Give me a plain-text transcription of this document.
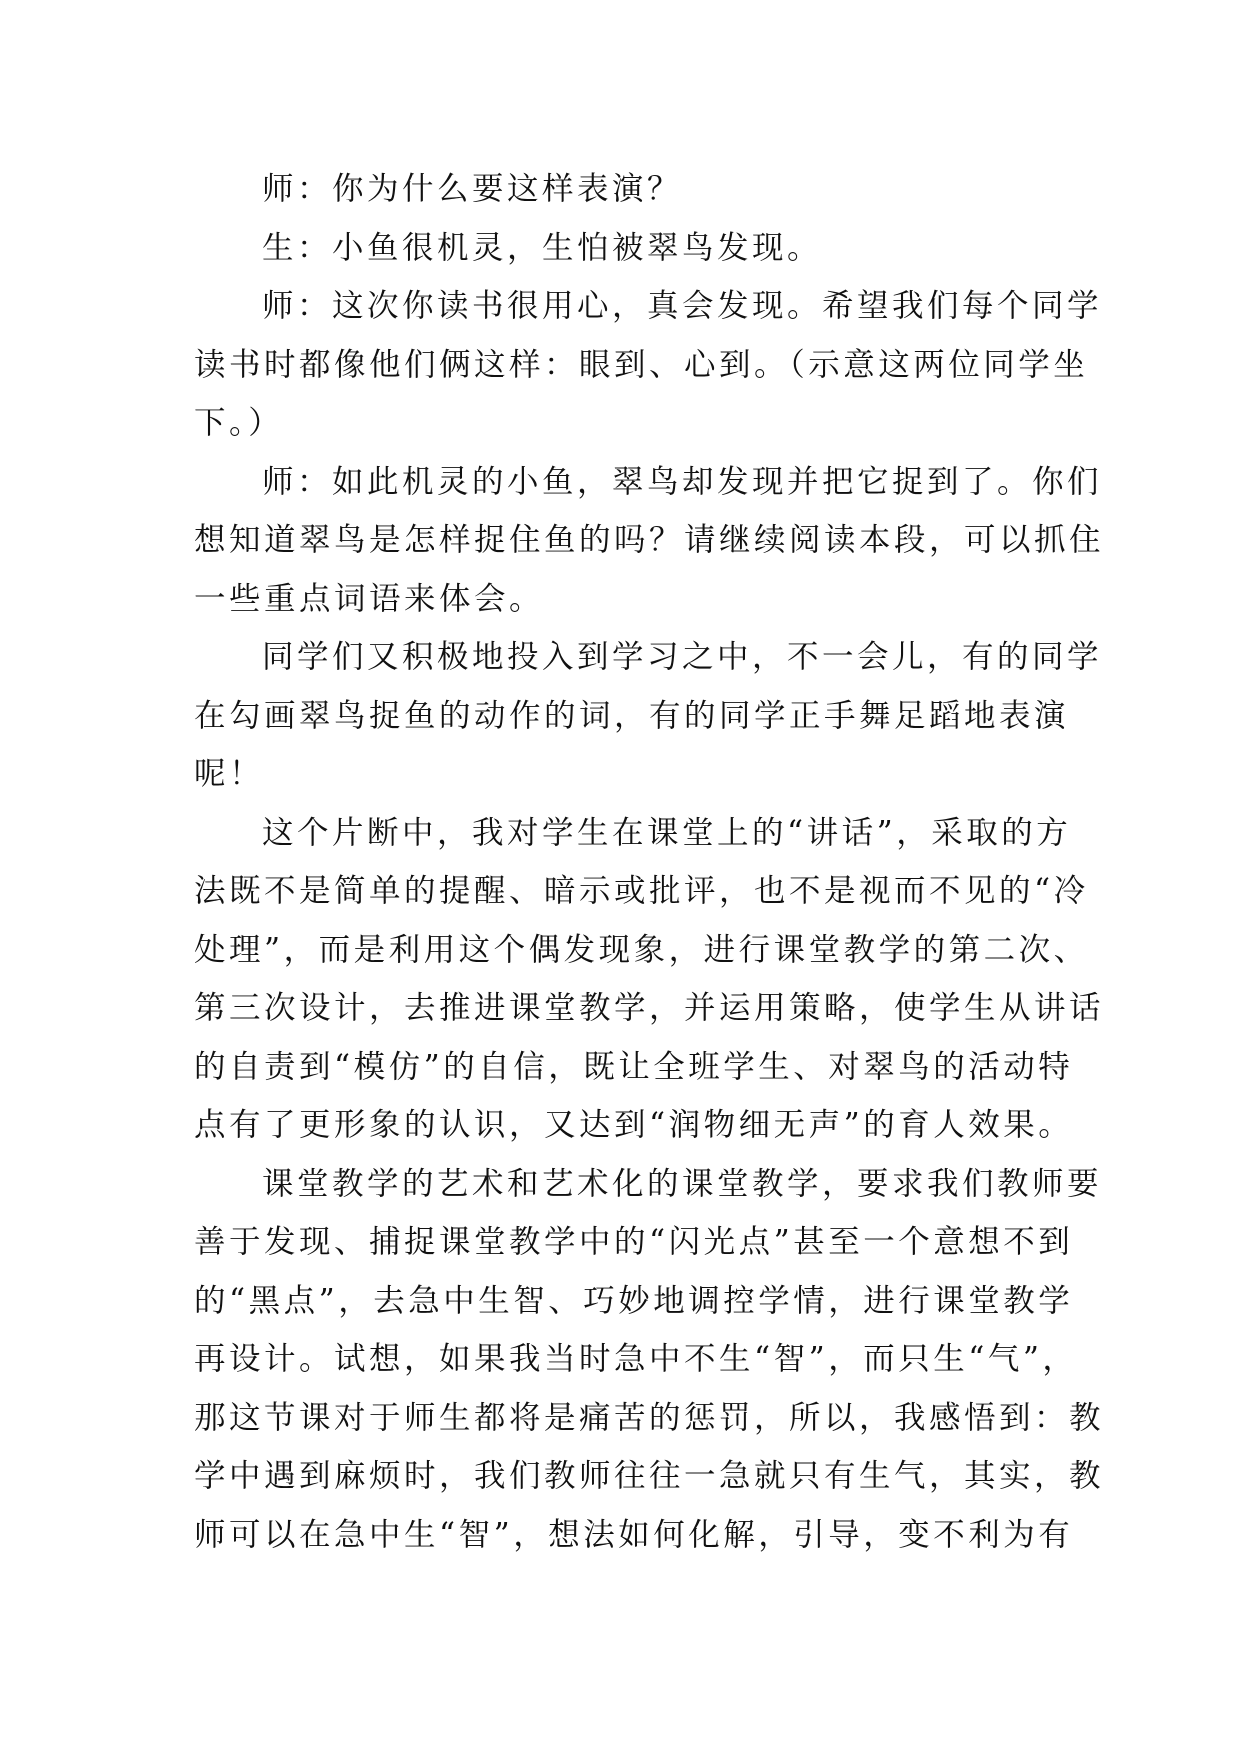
师：你为什么要这样表演？
生：小鱼很机灵，生怕被翠鸟发现。
师：这次你读书很用心，真会发现。希望我们每个同学
读书时都像他们俩这样：眼到、心到。（示意这两位同学坐
下。）
师：如此机灵的小鱼，翠鸟却发现并把它捉到了。你们
想知道翠鸟是怎样捉住鱼的吗？请继续阅读本段，可以抓住
一些重点词语来体会。
同学们又积极地投入到学习之中，不一会儿，有的同学
在勾画翠鸟捉鱼的动作的词，有的同学正手舞足蹈地表演
呢！
这个片断中，我对学生在课堂上的“讲话”，采取的方
法既不是简单的提醒、暗示或批评，也不是视而不见的“冷
处理”，而是利用这个偶发现象，进行课堂教学的第二次、
第三次设计，去推进课堂教学，并运用策略，使学生从讲话
的自责到“模仿”的自信，既让全班学生、对翠鸟的活动特
点有了更形象的认识，又达到“润物细无声”的育人效果。
课堂教学的艺术和艺术化的课堂教学，要求我们教师要
善于发现、捕捉课堂教学中的“闪光点”甚至一个意想不到
的“黑点”，去急中生智、巧妙地调控学情，进行课堂教学
再设计。试想，如果我当时急中不生“智”，而只生“气”，
那这节课对于师生都将是痛苦的惩罚，所以，我感悟到：教
学中遇到麻烦时，我们教师往往一急就只有生气，其实，教
师可以在急中生“智”，想法如何化解，引导，变不利为有
